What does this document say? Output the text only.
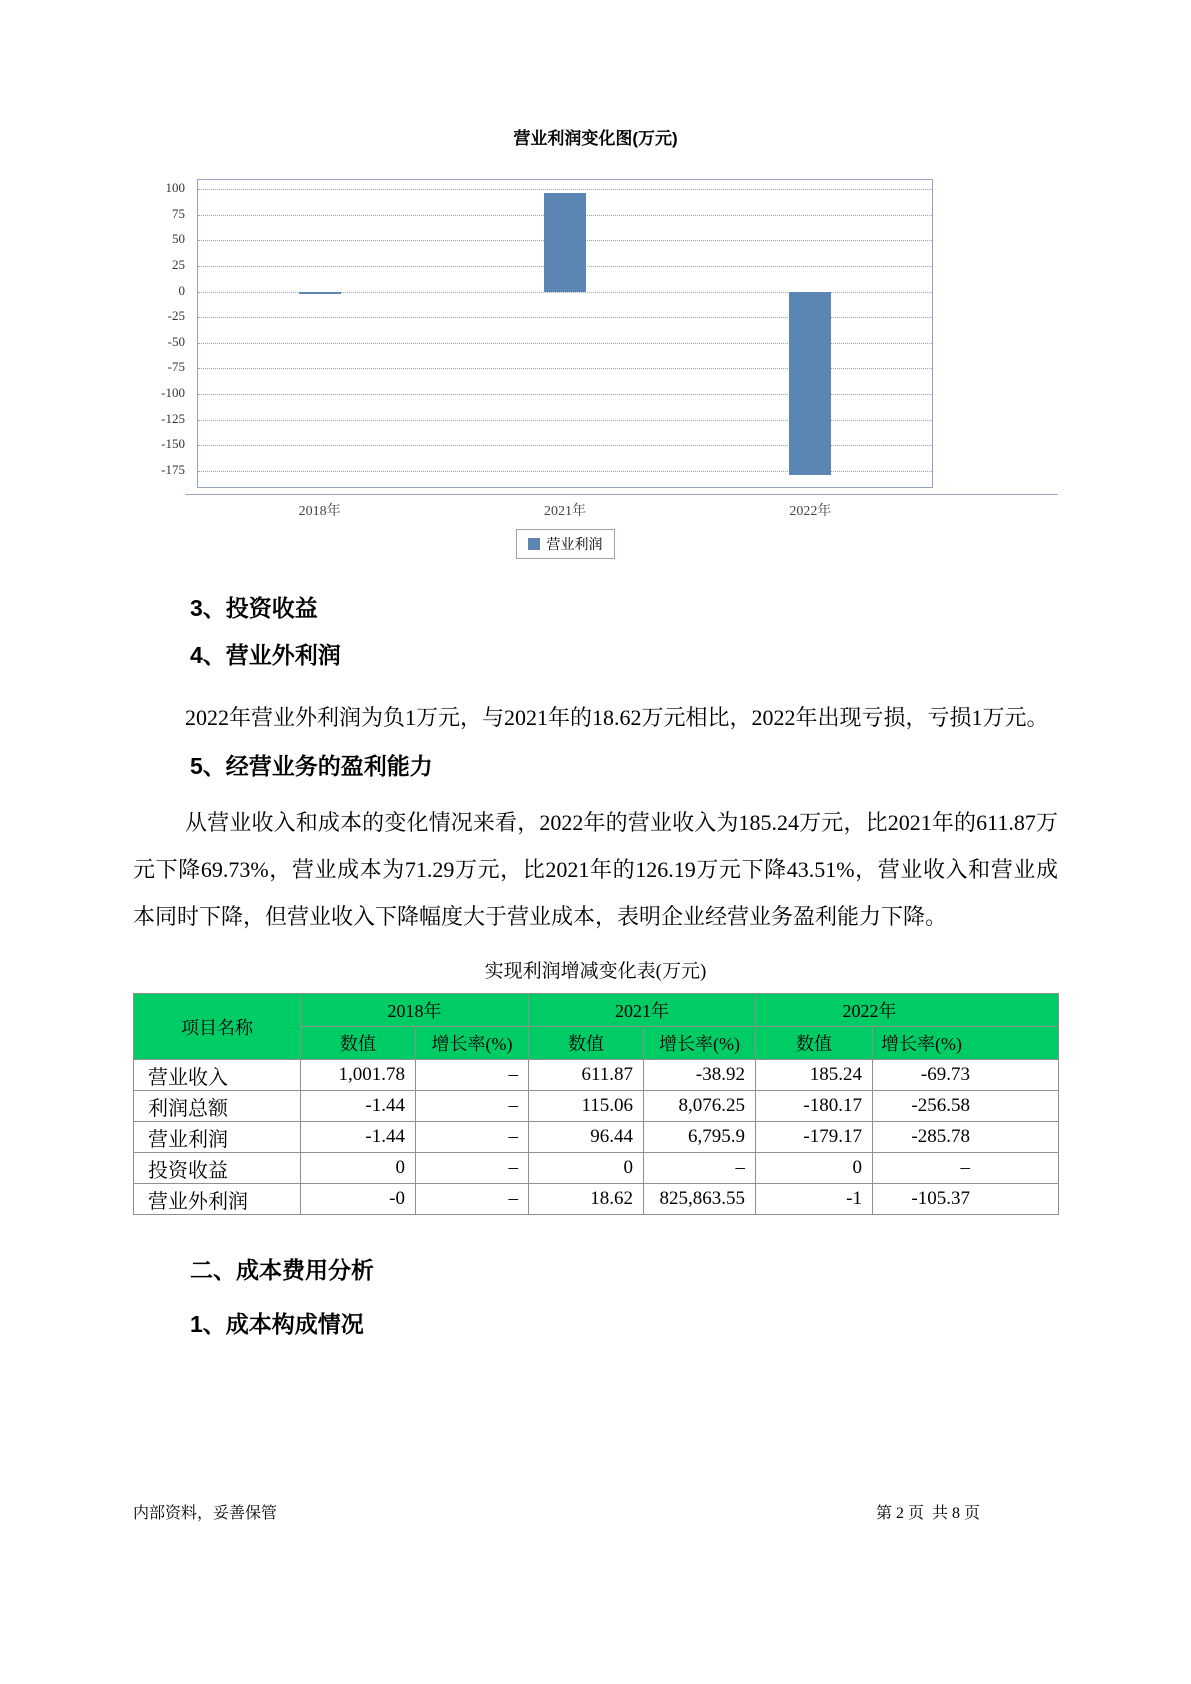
营业利润变化图(万元)
100
75
50
25
0
-25
-50
-75
-100
-125
-150
-175
2018年	2021年	2022年
营业利润
3、投资收益
4、营业外利润
2022年营业外利润为负1万元，与2021年的18.62万元相比，2022年出现亏损，亏损1万元。
5、经营业务的盈利能力
从营业收入和成本的变化情况来看，2022年的营业收入为185.24万元，比2021年的611.87万元下降69.73%，营业成本为71.29万元，比2021年的126.19万元下降43.51%，营业收入和营业成本同时下降，但营业收入下降幅度大于营业成本，表明企业经营业务盈利能力下降。
实现利润增减变化表(万元)
项目名称	2018年		2021年		2022年	
	数值	增长率(%)	数值	增长率(%)	数值	增长率(%)
营业收入	1,001.78	–	611.87	-38.92	185.24	-69.73
利润总额	-1.44	–	115.06	8,076.25	-180.17	-256.58
营业利润	-1.44	–	96.44	6,795.9	-179.17	-285.78
投资收益	0	–	0	–	0	–
营业外利润	-0	–	18.62	825,863.55	-1	-105.37
二、成本费用分析
1、成本构成情况
内部资料，妥善保管	第 2 页  共 8 页
